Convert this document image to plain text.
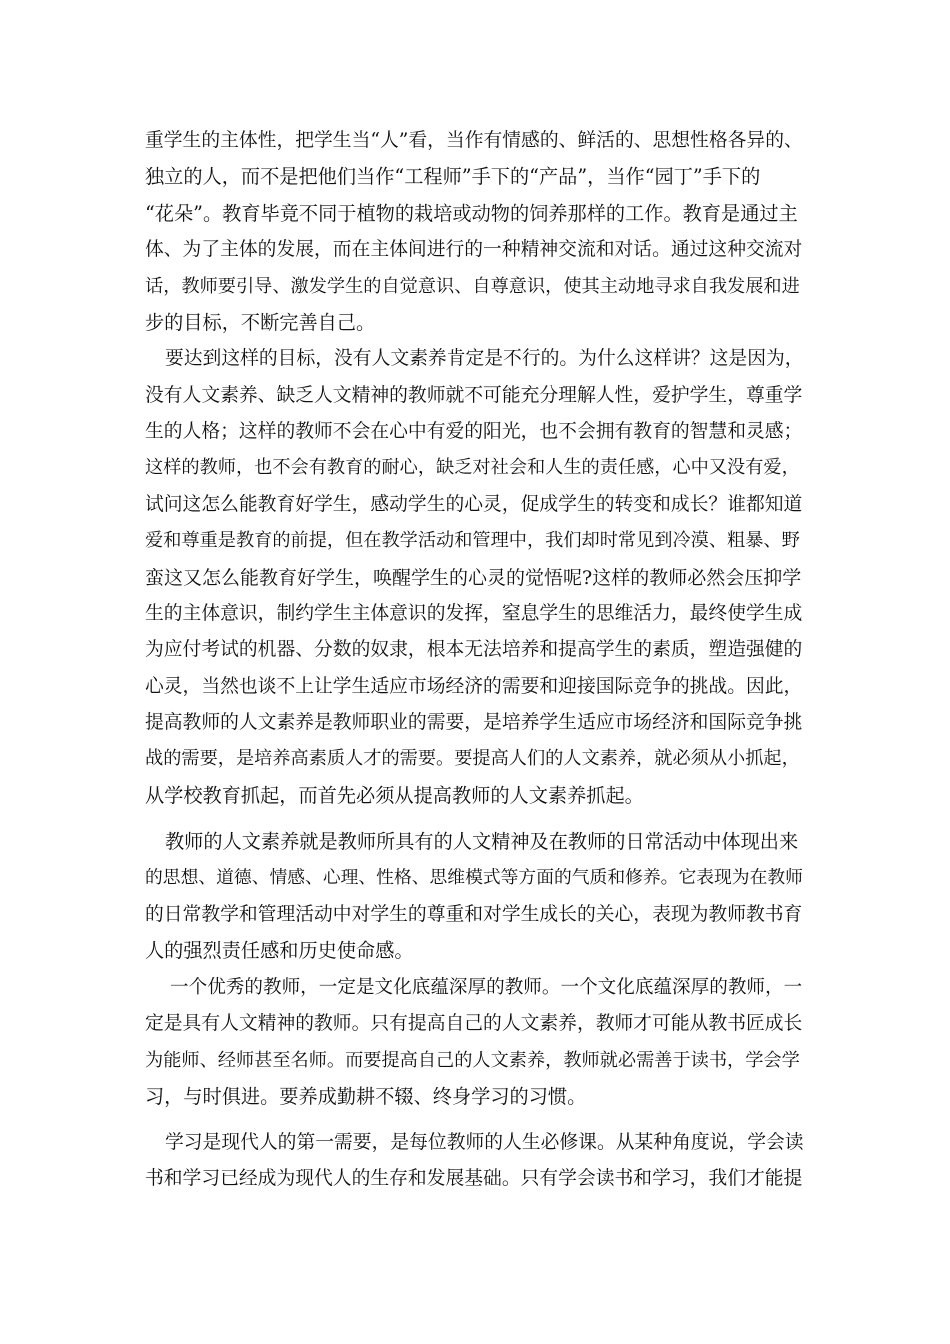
重学生的主体性，把学生当“人”看，当作有情感的、鲜活的、思想性格各异的、
独立的人，而不是把他们当作“工程师”手下的“产品”，当作“园丁”手下的
“花朵”。教育毕竟不同于植物的栽培或动物的饲养那样的工作。教育是通过主
体、为了主体的发展，而在主体间进行的一种精神交流和对话。通过这种交流对
话，教师要引导、激发学生的自觉意识、自尊意识，使其主动地寻求自我发展和进
步的目标，不断完善自己。
要达到这样的目标，没有人文素养肯定是不行的。为什么这样讲？这是因为，
没有人文素养、缺乏人文精神的教师就不可能充分理解人性，爱护学生，尊重学
生的人格；这样的教师不会在心中有爱的阳光，也不会拥有教育的智慧和灵感；
这样的教师，也不会有教育的耐心，缺乏对社会和人生的责任感，心中又没有爱，
试问这怎么能教育好学生，感动学生的心灵，促成学生的转变和成长？谁都知道
爱和尊重是教育的前提，但在教学活动和管理中，我们却时常见到冷漠、粗暴、野
蛮这又怎么能教育好学生，唤醒学生的心灵的觉悟呢?这样的教师必然会压抑学
生的主体意识，制约学生主体意识的发挥，窒息学生的思维活力，最终使学生成
为应付考试的机器、分数的奴隶，根本无法培养和提高学生的素质，塑造强健的
心灵，当然也谈不上让学生适应市场经济的需要和迎接国际竞争的挑战。因此，
提高教师的人文素养是教师职业的需要，是培养学生适应市场经济和国际竞争挑
战的需要，是培养高素质人才的需要。要提高人们的人文素养，就必须从小抓起，
从学校教育抓起，而首先必须从提高教师的人文素养抓起。
教师的人文素养就是教师所具有的人文精神及在教师的日常活动中体现出来
的思想、道德、情感、心理、性格、思维模式等方面的气质和修养。它表现为在教师
的日常教学和管理活动中对学生的尊重和对学生成长的关心，表现为教师教书育
人的强烈责任感和历史使命感。
一个优秀的教师，一定是文化底蕴深厚的教师。一个文化底蕴深厚的教师，一
定是具有人文精神的教师。只有提高自己的人文素养，教师才可能从教书匠成长
为能师、经师甚至名师。而要提高自己的人文素养，教师就必需善于读书，学会学
习，与时俱进。要养成勤耕不辍、终身学习的习惯。
学习是现代人的第一需要，是每位教师的人生必修课。从某种角度说，学会读
书和学习已经成为现代人的生存和发展基础。只有学会读书和学习，我们才能提
